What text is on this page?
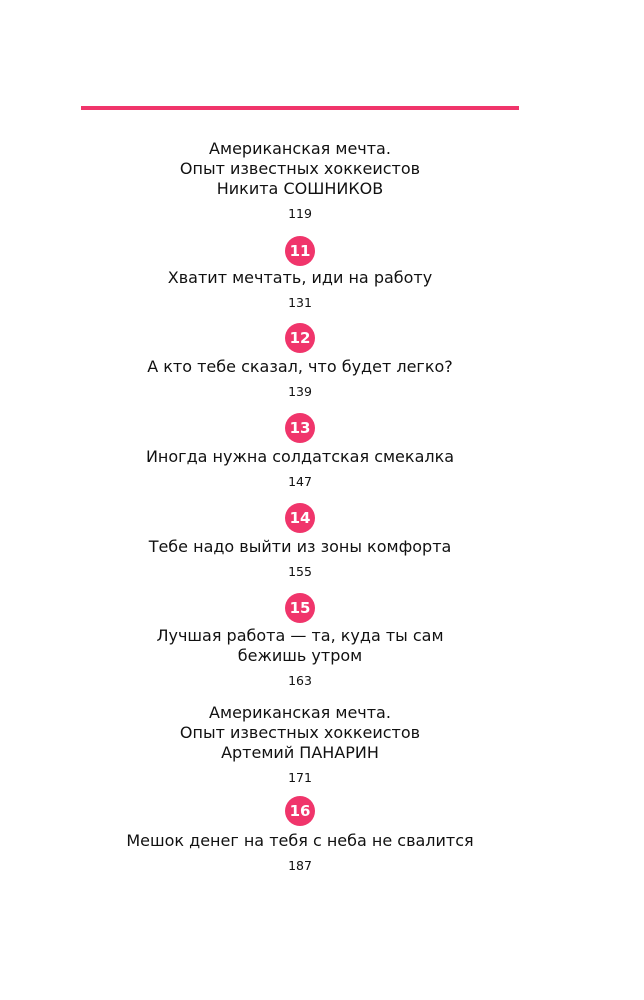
Американская мечта.
Опыт известных хоккеистов
Никита СОШНИКОВ

119
11

Хватит мечтать, иди на работу

131
12

А кто тебе сказал, что будет легко?

139
13

Иногда нужна солдатская смекалка

147
14

Тебе надо выйти из зоны комфорта

155
15

Лучшая работа — та, куда ты сам
бежишь утром

163

Американская мечта.
Опыт известных хоккеистов
Артемий ПАНАРИН

171
16

Мешок денег на тебя с неба не свалится

187
